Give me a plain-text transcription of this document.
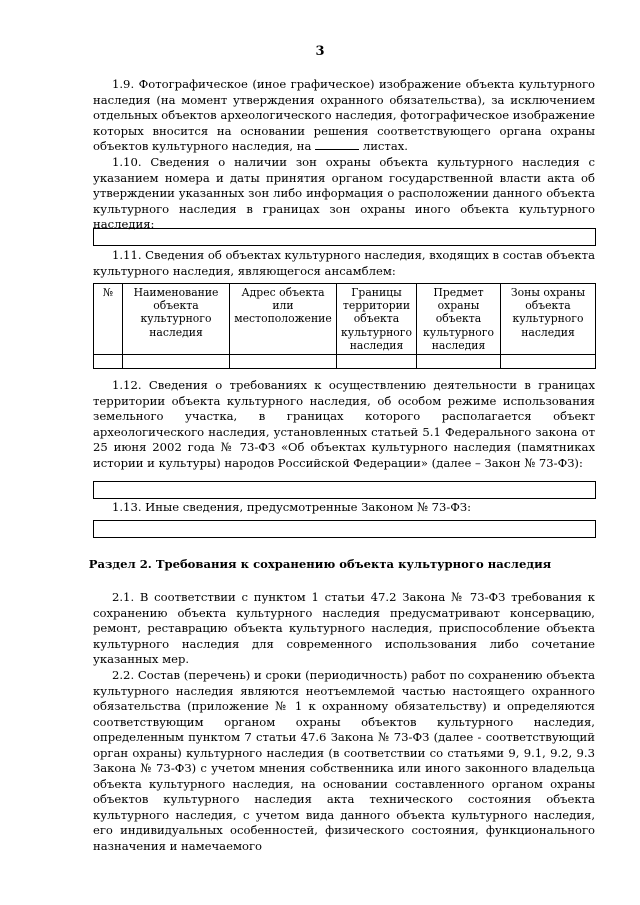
3

1.9. Фотографическое (иное графическое) изображение объекта культурного наследия (на момент утверждения охранного обязательства), за исключением отдельных объектов археологического наследия, фотографическое изображение которых вносится на основании решения соответствующего органа охраны объектов культурного наследия, на	листах.

1.10. Сведения о наличии зон охраны объекта культурного наследия с указанием номера и даты принятия органом государственной власти акта об утверждении указанных зон либо информация о расположении данного объекта культурного наследия в границах зон охраны иного объекта культурного наследия:

1.11. Сведения об объектах культурного наследия, входящих в состав объекта культурного наследия, являющегося ансамблем:

№	Наименование объекта культурного наследия	Адрес объекта или местоположение	Границы территории объекта культурного наследия	Предмет охраны объекта культурного наследия	Зоны охраны объекта культурного наследия

1.12. Сведения о требованиях к осуществлению деятельности в границах территории объекта культурного наследия, об особом режиме использования земельного участка, в границах которого располагается объект археологического наследия, установленных статьей 5.1 Федерального закона от 25 июня 2002 года № 73-ФЗ «Об объектах культурного наследия (памятниках истории и культуры) народов Российской Федерации» (далее – Закон № 73-ФЗ):

1.13. Иные сведения, предусмотренные Законом № 73-ФЗ:

Раздел 2. Требования к сохранению объекта культурного наследия

2.1. В соответствии с пунктом 1 статьи 47.2 Закона № 73-ФЗ требования к сохранению объекта культурного наследия предусматривают консервацию, ремонт, реставрацию объекта культурного наследия, приспособление объекта культурного наследия для современного использования либо сочетание указанных мер.

2.2. Состав (перечень) и сроки (периодичность) работ по сохранению объекта культурного наследия являются неотъемлемой частью настоящего охранного обязательства (приложение № 1 к охранному обязательству) и определяются соответствующим органом охраны объектов культурного наследия, определенным пунктом 7 статьи 47.6 Закона № 73-ФЗ (далее - соответствующий орган охраны) культурного наследия (в соответствии со статьями 9, 9.1, 9.2, 9.3 Закона № 73-ФЗ) с учетом мнения собственника или иного законного владельца объекта культурного наследия, на основании составленного органом охраны объектов культурного наследия акта технического состояния объекта культурного наследия, с учетом вида данного объекта культурного наследия, его индивидуальных особенностей, физического состояния, функционального назначения и намечаемого
